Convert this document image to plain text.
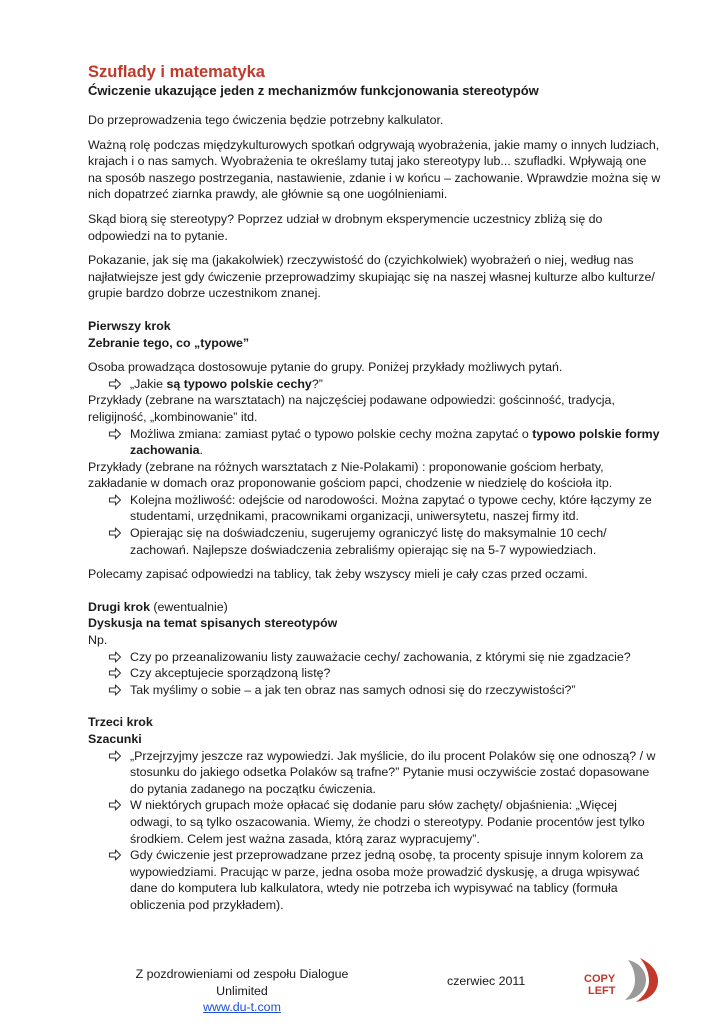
Szuflady i matematyka
Ćwiczenie ukazujące jeden z mechanizmów funkcjonowania stereotypów

Do przeprowadzenia tego ćwiczenia będzie potrzebny kalkulator.

Ważną rolę podczas międzykulturowych spotkań odgrywają wyobrażenia, jakie mamy o innych ludziach, krajach i o nas samych. Wyobrażenia te określamy tutaj jako stereotypy lub... szufladki. Wpływają one na sposób naszego postrzegania, nastawienie, zdanie i w końcu – zachowanie. Wprawdzie można się w nich dopatrzeć ziarnka prawdy, ale głównie są one uogólnieniami.

Skąd biorą się stereotypy? Poprzez udział w drobnym eksperymencie uczestnicy zbliżą się do odpowiedzi na to pytanie.

Pokazanie, jak się ma (jakakolwiek) rzeczywistość do (czyichkolwiek) wyobrażeń o niej, według nas najłatwiejsze jest gdy ćwiczenie przeprowadzimy skupiając się na naszej własnej kulturze albo kulturze/ grupie bardzo dobrze uczestnikom znanej.

Pierwszy krok
Zebranie tego, co „typowe”
Osoba prowadząca dostosowuje pytanie do grupy. Poniżej przykłady możliwych pytań.
„Jakie są typowo polskie cechy?”
Przykłady (zebrane na warsztatach) na najczęściej podawane odpowiedzi: gościnność, tradycja, religijność, „kombinowanie” itd.
Możliwa zmiana: zamiast pytać o typowo polskie cechy można zapytać o typowo polskie formy zachowania.
Przykłady (zebrane na różnych warsztatach z Nie-Polakami) : proponowanie gościom herbaty, zakładanie w domach oraz proponowanie gościom papci, chodzenie w niedzielę do kościoła itp.
Kolejna możliwość: odejście od narodowości. Można zapytać o typowe cechy, które łączymy ze studentami, urzędnikami, pracownikami organizacji, uniwersytetu, naszej firmy itd.
Opierając się na doświadczeniu, sugerujemy ograniczyć listę do maksymalnie 10 cech/ zachowań. Najlepsze doświadczenia zebraliśmy opierając się na 5-7 wypowiedziach.

Polecamy zapisać odpowiedzi na tablicy, tak żeby wszyscy mieli je cały czas przed oczami.

Drugi krok (ewentualnie)
Dyskusja na temat spisanych stereotypów
Np.
Czy po przeanalizowaniu listy zauważacie cechy/ zachowania, z którymi się nie zgadzacie?
Czy akceptujecie sporządzoną listę?
Tak myślimy o sobie – a jak ten obraz nas samych odnosi się do rzeczywistości?”
Trzeci krok
Szacunki
„Przejrzyjmy jeszcze raz wypowiedzi. Jak myślicie, do ilu procent Polaków się one odnoszą? / w stosunku do jakiego odsetka Polaków są trafne?” Pytanie musi oczywiście zostać dopasowane do pytania zadanego na początku ćwiczenia.
W niektórych grupach może opłacać się dodanie paru słów zachęty/ objaśnienia: „Więcej odwagi, to są tylko oszacowania. Wiemy, że chodzi o stereotypy. Podanie procentów jest tylko środkiem. Celem jest ważna zasada, którą zaraz wypracujemy”.
Gdy ćwiczenie jest przeprowadzane przez jedną osobę, ta procenty spisuje innym kolorem za wypowiedziami. Pracując w parze, jedna osoba może prowadzić dyskusję, a druga wpisywać dane do komputera lub kalkulatora, wtedy nie potrzeba ich wypisywać na tablicy (formuła obliczenia pod przykładem).
Z pozdrowieniami od zespołu Dialogue Unlimited
www.du-t.com
czerwiec 2011	COPY
LEFT
